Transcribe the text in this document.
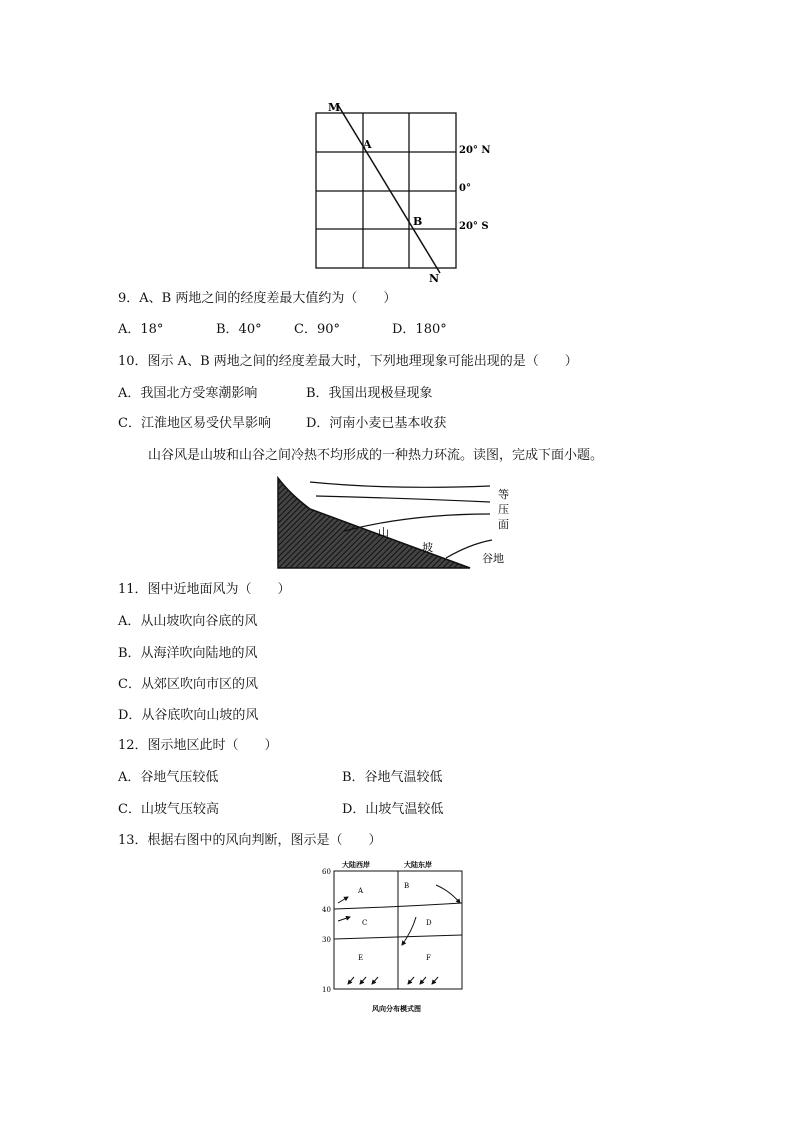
M
A
B
N
20° N
0°
20° S
9．A、B 两地之间的经度差最大值约为（　　）
A．18°	B．40° C．90°	D．180°
10．图示 A、B 两地之间的经度差最大时，下列地理现象可能出现的是（　　）
A．我国北方受寒潮影响	B．我国出现极昼现象
C．江淮地区易受伏旱影响	D．河南小麦已基本收获
山谷风是山坡和山谷之间冷热不均形成的一种热力环流。读图，完成下面小题。
山
坡
谷地
等
压
面
11．图中近地面风为（　　）
A．从山坡吹向谷底的风
B．从海洋吹向陆地的风
C．从郊区吹向市区的风
D．从谷底吹向山坡的风
12．图示地区此时（　　）
A．谷地气压较低	B．谷地气温较低
C．山坡气压较高	D．山坡气温较低
13．根据右图中的风向判断，图示是（　　）
大陆西岸	大陆东岸
60
40
30
10
A
B
C	D
E	F
风向分布模式图
